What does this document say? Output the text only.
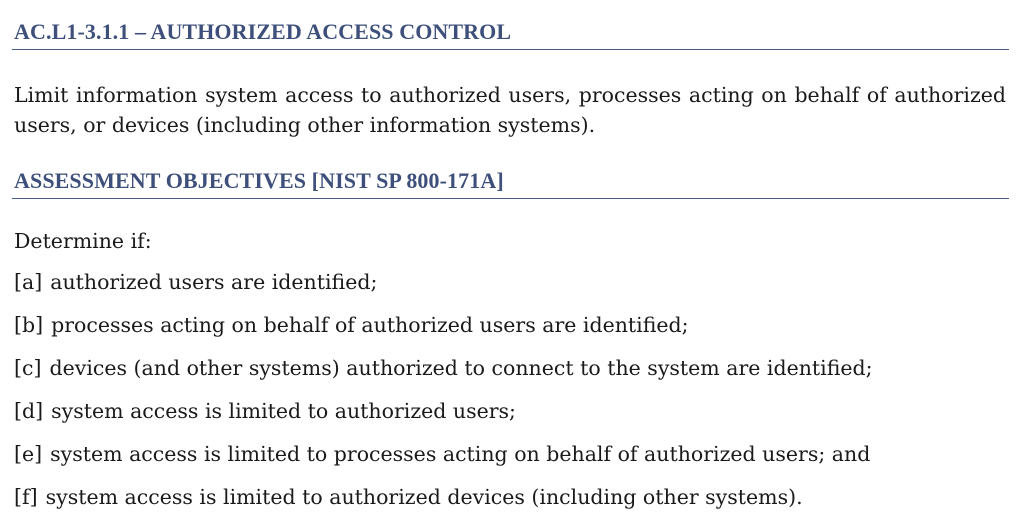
AC.L1-3.1.1 – AUTHORIZED ACCESS CONTROL

Limit information system access to authorized users, processes acting on behalf of authorized users, or devices (including other information systems).

ASSESSMENT OBJECTIVES [NIST SP 800-171A]

Determine if:

[a] authorized users are identified;
[b] processes acting on behalf of authorized users are identified;
[c] devices (and other systems) authorized to connect to the system are identified;
[d] system access is limited to authorized users;
[e] system access is limited to processes acting on behalf of authorized users; and
[f] system access is limited to authorized devices (including other systems).
